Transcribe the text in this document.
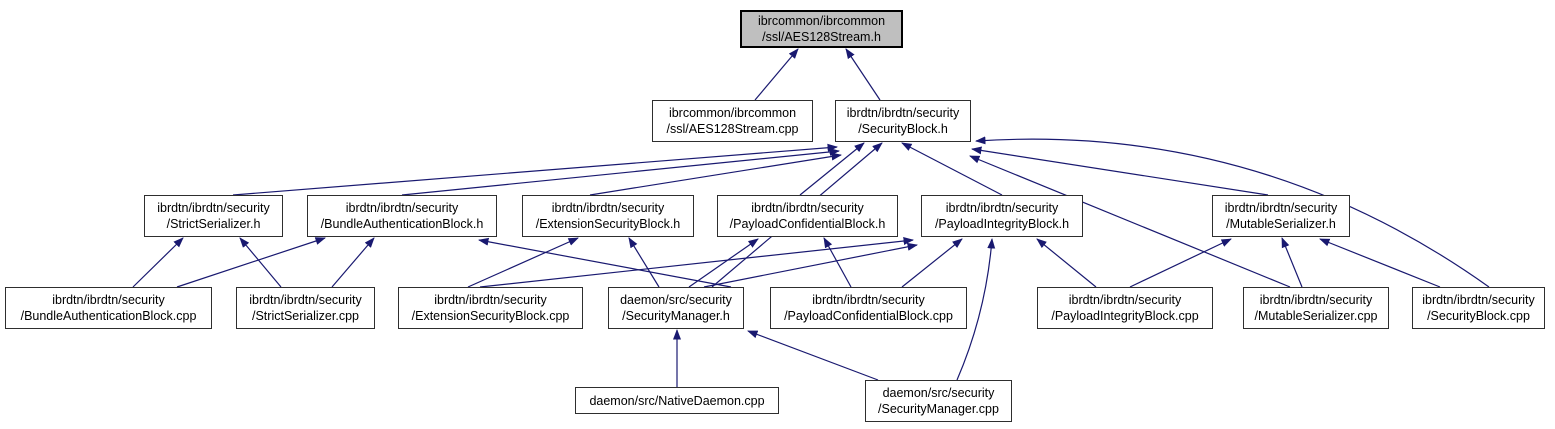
ibrcommon/ibrcommon
/ssl/AES128Stream.h
ibrcommon/ibrcommon
/ssl/AES128Stream.cpp
ibrdtn/ibrdtn/security
/SecurityBlock.h
ibrdtn/ibrdtn/security
/StrictSerializer.h
ibrdtn/ibrdtn/security
/BundleAuthenticationBlock.h
ibrdtn/ibrdtn/security
/ExtensionSecurityBlock.h
ibrdtn/ibrdtn/security
/PayloadConfidentialBlock.h
ibrdtn/ibrdtn/security
/PayloadIntegrityBlock.h
ibrdtn/ibrdtn/security
/MutableSerializer.h
ibrdtn/ibrdtn/security
/BundleAuthenticationBlock.cpp
ibrdtn/ibrdtn/security
/StrictSerializer.cpp
ibrdtn/ibrdtn/security
/ExtensionSecurityBlock.cpp
daemon/src/security
/SecurityManager.h
ibrdtn/ibrdtn/security
/PayloadConfidentialBlock.cpp
ibrdtn/ibrdtn/security
/PayloadIntegrityBlock.cpp
ibrdtn/ibrdtn/security
/MutableSerializer.cpp
ibrdtn/ibrdtn/security
/SecurityBlock.cpp
daemon/src/NativeDaemon.cpp
daemon/src/security
/SecurityManager.cpp
